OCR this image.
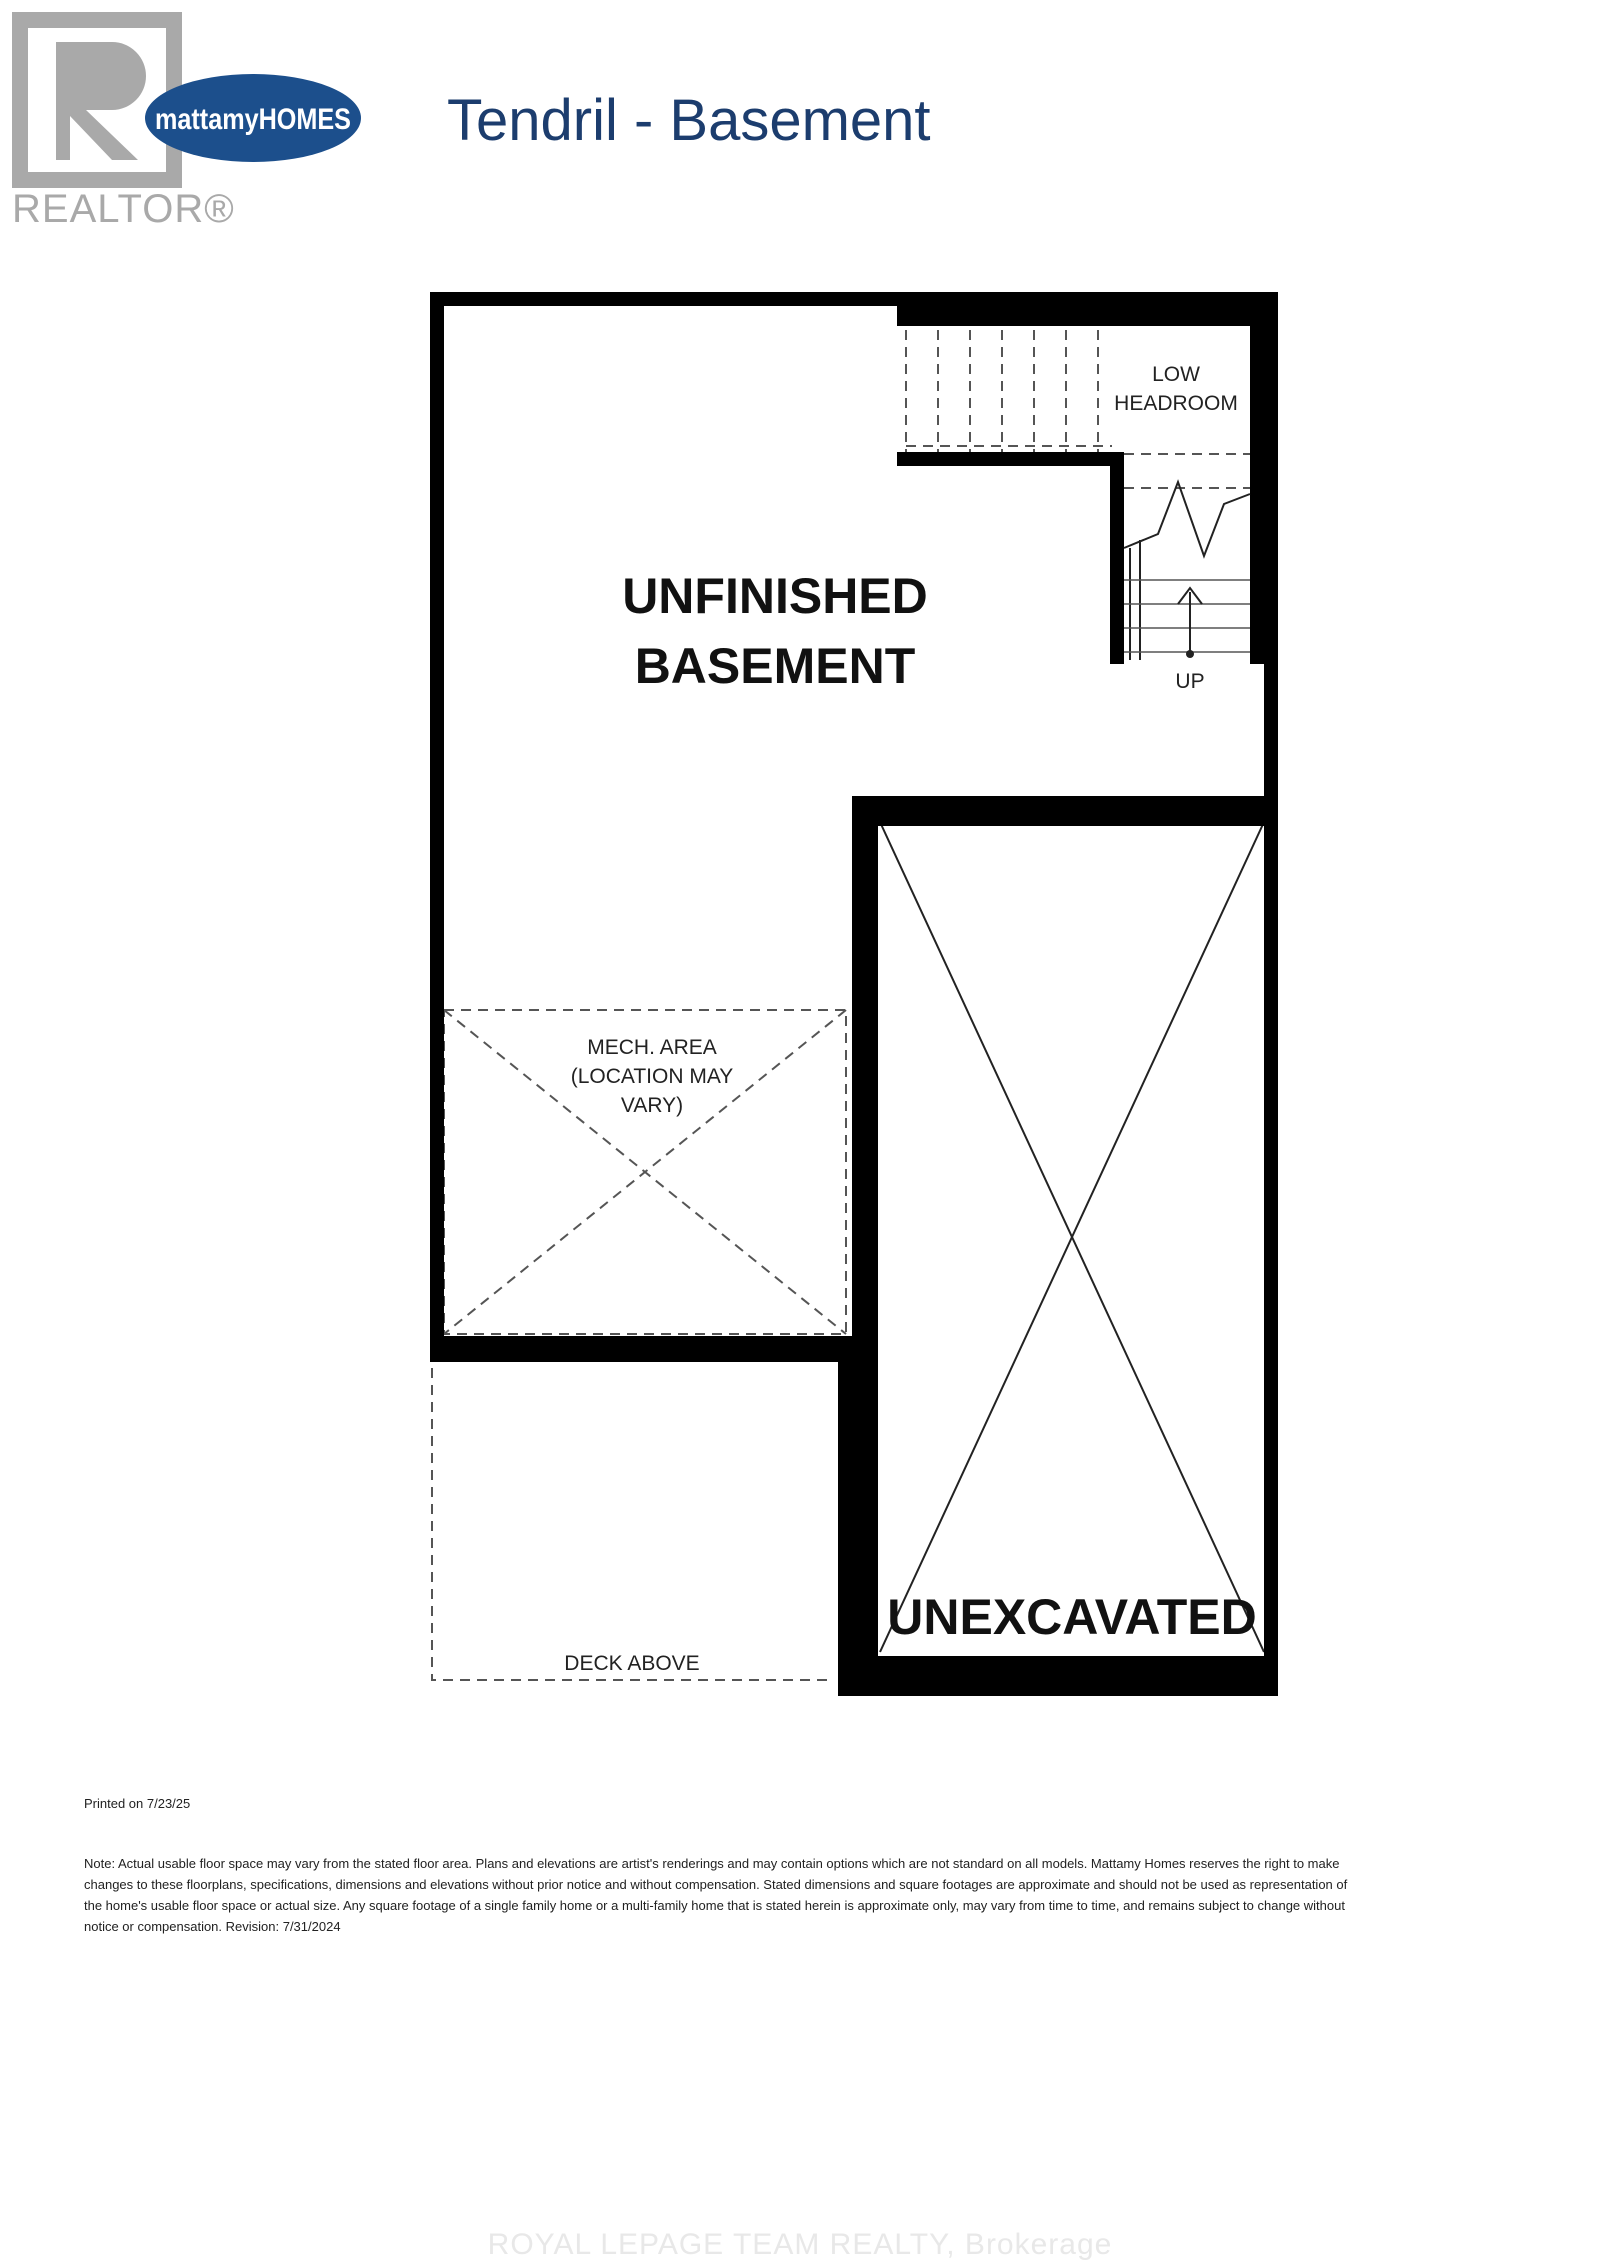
REALTOR®
mattamyHOMES Tendril - Basement
UNFINISHED
BASEMENT
UNEXCAVATED
LOW
HEADROOM
UP
MECH. AREA
(LOCATION MAY
VARY)
DECK ABOVE
Printed on 7/23/25
Note: Actual usable floor space may vary from the stated floor area. Plans and elevations are artist's renderings and may contain options which are not standard on all models. Mattamy Homes reserves the right to make
changes to these floorplans, specifications, dimensions and elevations without prior notice and without compensation. Stated dimensions and square footages are approximate and should not be used as representation of
the home's usable floor space or actual size. Any square footage of a single family home or a multi-family home that is stated herein is approximate only, may vary from time to time, and remains subject to change without
notice or compensation. Revision: 7/31/2024
ROYAL LEPAGE TEAM REALTY, Brokerage
